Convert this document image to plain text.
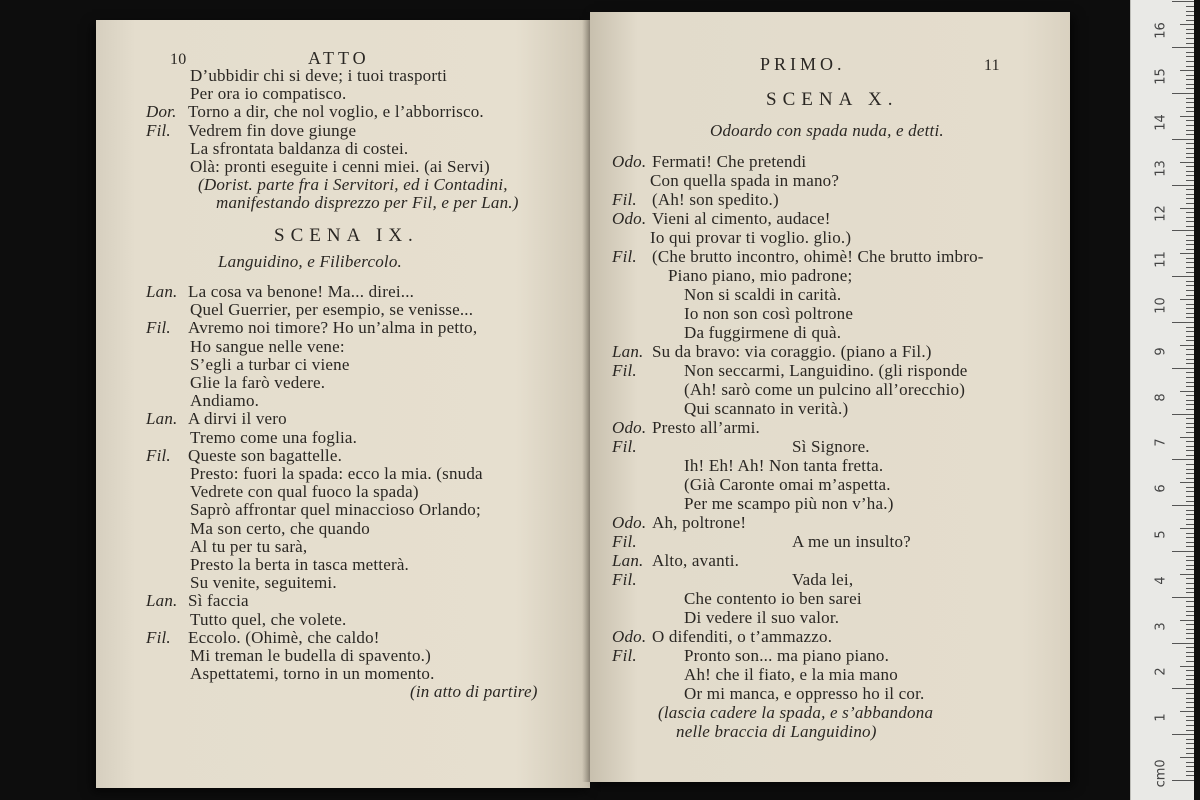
10	ATTO
D’ubbidir chi si deve; i tuoi trasporti
Per ora io compatisco.
Dor. Torno a dir, che nol voglio, e l’abborrisco.
Fil. Vedrem fin dove giunge
La sfrontata baldanza di costei.
Olà: pronti eseguite i cenni miei. (ai Servi)
(Dorist. parte fra i Servitori, ed i Contadini,
manifestando disprezzo per Fil, e per Lan.)
SCENA IX.
Languidino, e Filibercolo.
Lan. La cosa va benone! Ma... direi...
Quel Guerrier, per esempio, se venisse...
Fil. Avremo noi timore? Ho un’alma in petto,
Ho sangue nelle vene:
S’egli a turbar ci viene
Glie la farò vedere.
Andiamo.
Lan. A dirvi il vero
Tremo come una foglia.
Fil. Queste son bagattelle.
Presto: fuori la spada: ecco la mia. (snuda
Vedrete con qual fuoco la spada)
Saprò affrontar quel minaccioso Orlando;
Ma son certo, che quando
Al tu per tu sarà,
Presto la berta in tasca metterà.
Su venite, seguitemi.
Lan. Sì faccia
Tutto quel, che volete.
Fil. Eccolo. (Ohimè, che caldo!
Mi treman le budella di spavento.)
Aspettatemi, torno in un momento.
(in atto di partire)
PRIMO.	11
SCENA X.
Odoardo con spada nuda, e detti.
Odo. Fermati! Che pretendi
Con quella spada in mano?
Fil. (Ah! son spedito.)
Odo. Vieni al cimento, audace!
Io qui provar ti voglio. glio.)
Fil. (Che brutto incontro, ohimè! Che brutto imbro-
Piano piano, mio padrone;
Non si scaldi in carità.
Io non son così poltrone
Da fuggirmene di quà.
Lan. Su da bravo: via coraggio. (piano a Fil.)
Fil.	Non seccarmi, Languidino. (gli risponde
(Ah! sarò come un pulcino all’orecchio)
Qui scannato in verità.)
Odo. Presto all’armi.
Fil.	Sì Signore.
Ih! Eh! Ah! Non tanta fretta.
(Già Caronte omai m’aspetta.
Per me scampo più non v’ha.)
Odo. Ah, poltrone!
Fil.	A me un insulto?
Lan. Alto, avanti.
Fil.	Vada lei,
Che contento io ben sarei
Di vedere il suo valor.
Odo. O difenditi, o t’ammazzo.
Fil.	Pronto son... ma piano piano.
Ah! che il fiato, e la mia mano
Or mi manca, e oppresso ho il cor.
(lascia cadere la spada, e s’abbandona
nelle braccia di Languidino)
0
1
2
3
4
5
6
7
8
9
10
11
12
13
14
15
16
cm
